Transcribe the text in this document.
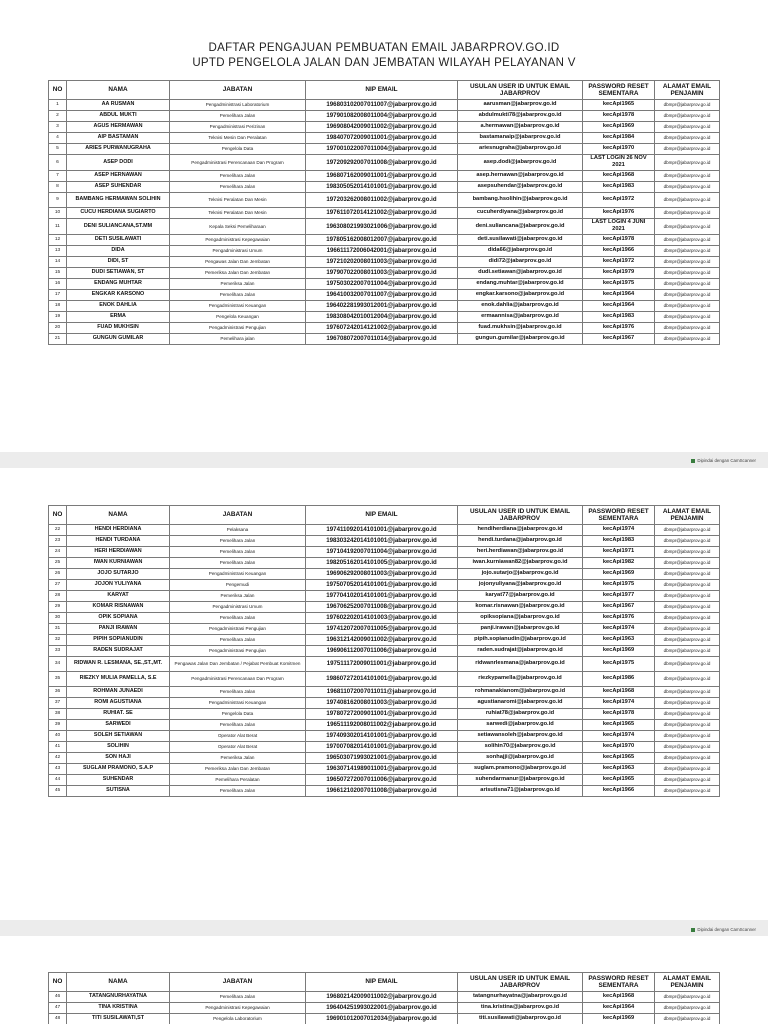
DAFTAR PENGAJUAN PEMBUATAN EMAIL JABARPROV.GO.ID
UPTD PENGELOLA JALAN DAN JEMBATAN WILAYAH PELAYANAN V
NO	NAMA	JABATAN	NIP EMAIL	USULAN USER ID UNTUK EMAIL JABARPROV	PASSWORD RESET SEMENTARA	ALAMAT EMAIL PENJAMIN
1	AA RUSMAN	Pengadministrasi Laboratorium	196803102007011007@jabarprov.go.id	aarusman@jabarprov.go.id	kecApi1965	dbmpr@jabarprov.go.id
2	ABDUL MUKTI	Pemelihara Jalan	197901082008011004@jabarprov.go.id	abdulmukti78@jabarprov.go.id	kecApi1978	dbmpr@jabarprov.go.id
3	AGUS HERMAWAN	Pengadministrasi Perizinan	196908042009011002@jabarprov.go.id	a.hermawan@jabarprov.go.id	kecApi1969	dbmpr@jabarprov.go.id
4	AIP BASTAMAN	Teknisi Mesin Dan Peralatan	198407072009011001@jabarprov.go.id	bastamanaip@jabarprov.go.id	kecApi1984	dbmpr@jabarprov.go.id
5	ARIES PURWANUGRAHA	Pengelola Data	197001022007011004@jabarprov.go.id	ariesnugraha@jabarprov.go.id	kecApi1970	dbmpr@jabarprov.go.id
6	ASEP DODI	Pengadministrasi Perencanaan Dan Program	197209292007011008@jabarprov.go.id	asep.dodi@jabarprov.go.id	LAST LOGIN 26 NOV 2021	dbmpr@jabarprov.go.id
7	ASEP HERNAWAN	Pemelihara Jalan	196807162009011001@jabarprov.go.id	asep.hernawan@jabarprov.go.id	kecApi1968	dbmpr@jabarprov.go.id
8	ASEP SUHENDAR	Pemelihara Jalan	198305052014101001@jabarprov.go.id	asepsuhendar@jabarprov.go.id	kecApi1983	dbmpr@jabarprov.go.id
9	BAMBANG HERMAWAN SOLIHIN	Teknisi Peralatan Dan Mesin	197203262008011002@jabarprov.go.id	bambang.hsolihin@jabarprov.go.id	kecApi1972	dbmpr@jabarprov.go.id
10	CUCU HERDIANA SUGIARTO	Teknisi Peralatan Dan Mesin	197611072014121002@jabarprov.go.id	cucuherdiyana@jabarprov.go.id	kecApi1976	dbmpr@jabarprov.go.id
11	DENI SULIANCANA,ST.MM	Kepala Seksi Pemeliharaan	196308021993021006@jabarprov.go.id	deni.suliancana@jabarprov.go.id	LAST LOGIN 4 JUNI 2021	dbmpr@jabarprov.go.id
12	DETI SUSILAWATI	Pengadministrasi Kepegawaian	197805162008012007@jabarprov.go.id	deti.susilawati@jabarprov.go.id	kecApi1978	dbmpr@jabarprov.go.id
13	DIDA	Pengadministrasi Umum	196611172006042001@jabarprov.go.id	dida66@jabarprov.go.id	kecApi1966	dbmpr@jabarprov.go.id
14	DIDI, ST	Pengawas Jalan Dan Jembatan	197210202008011003@jabarprov.go.id	didi72@jabarprov.go.id	kecApi1972	dbmpr@jabarprov.go.id
15	DUDI SETIAWAN, ST	Pemeriksa Jalan Dan Jembatan	197907022008011003@jabarprov.go.id	dudi.setiawan@jabarprov.go.id	kecApi1979	dbmpr@jabarprov.go.id
16	ENDANG MUHTAR	Pemeriksa Jalan	197503022007011004@jabarprov.go.id	endang.muhtar@jabarprov.go.id	kecApi1975	dbmpr@jabarprov.go.id
17	ENGKAR KARSONO	Pemelihara Jalan	196410032007011007@jabarprov.go.id	engkar.karsono@jabarprov.go.id	kecApi1964	dbmpr@jabarprov.go.id
18	ENOK DAHLIA	Pengadministrasi Keuangan	196402281993012001@jabarprov.go.id	enok.dahlia@jabarprov.go.id	kecApi1964	dbmpr@jabarprov.go.id
19	ERMA	Pengelola Keuangan	198308042010012004@jabarprov.go.id	ermaannisa@jabarprov.go.id	kecApi1983	dbmpr@jabarprov.go.id
20	FUAD MUKHSIN	Pengadministrasi Pengujian	197607242014121002@jabarprov.go.id	fuad.mukhsin@jabarprov.go.id	kecApi1976	dbmpr@jabarprov.go.id
21	GUNGUN GUMILAR	Pemelihara jalan	196708072007011014@jabarprov.go.id	gungun.gumilar@jabarprov.go.id	kecApi1967	dbmpr@jabarprov.go.id
Dipindai dengan CamScanner
NO	NAMA	JABATAN	NIP EMAIL	USULAN USER ID UNTUK EMAIL JABARPROV	PASSWORD RESET SEMENTARA	ALAMAT EMAIL PENJAMIN
22	HENDI HERDIANA	Pelaksana	197411092014101001@jabarprov.go.id	hendiherdiana@jabarprov.go.id	kecApi1974	dbmpr@jabarprov.go.id
23	HENDI TURDANA	Pemelihara Jalan	198303242014101001@jabarprov.go.id	hendi.turdana@jabarprov.go.id	kecApi1983	dbmpr@jabarprov.go.id
24	HERI HERDIAWAN	Pemelihara Jalan	197104192007011004@jabarprov.go.id	heri.herdiawan@jabarprov.go.id	kecApi1971	dbmpr@jabarprov.go.id
25	IWAN KURNIAWAN	Pemelihara Jalan	198205162014101005@jabarprov.go.id	iwan.kurniawan82@jabarprov.go.id	kecApi1982	dbmpr@jabarprov.go.id
26	JOJO SUTARJO	Pengadministrasi Keuangan	196906292008011003@jabarprov.go.id	jojo.sutarjo@jabarprov.go.id	kecApi1969	dbmpr@jabarprov.go.id
27	JOJON YULIYANA	Pengemudi	197507052014101001@jabarprov.go.id	jojonyuliyana@jabarprov.go.id	kecApi1975	dbmpr@jabarprov.go.id
28	KARYAT	Pemeriksa Jalan	197704102014101001@jabarprov.go.id	karyat77@jabarprov.go.id	kecApi1977	dbmpr@jabarprov.go.id
29	KOMAR RISNAWAN	Pengadministrasi Umum	196706252007011008@jabarprov.go.id	komar.risnawan@jabarprov.go.id	kecApi1967	dbmpr@jabarprov.go.id
30	OPIK SOPIANA	Pemelihara Jalan	197602202014101003@jabarprov.go.id	opiksopiana@jabarprov.go.id	kecApi1976	dbmpr@jabarprov.go.id
31	PANJI IRAWAN	Pengadministrasi Pengujian	197412072007011005@jabarprov.go.id	panji.irawan@jabarprov.go.id	kecApi1974	dbmpr@jabarprov.go.id
32	PIPIH SOPIANUDIN	Pemelihara Jalan	196312142009011002@jabarprov.go.id	pipih.sopianudin@jabarprov.go.id	kecApi1963	dbmpr@jabarprov.go.id
33	RADEN SUDRAJAT	Pengadministrasi Pengujian	196906112007011006@jabarprov.go.id	raden.sudrajat@jabarprov.go.id	kecApi1969	dbmpr@jabarprov.go.id
34	RIDWAN R. LESMANA, SE.,ST.,MT.	Pengawas Jalan Dan Jembatan / Pejabat Pembuat Komitmen	197511172009011001@jabarprov.go.id	ridwanrlesmana@jabarprov.go.id	kecApi1975	dbmpr@jabarprov.go.id
35	RIEZKY MULIA PAMELLA, S.E	Pengadministrasi Perencanaan Dan Program	198607272014101001@jabarprov.go.id	riezkypamella@jabarprov.go.id	kecApi1986	dbmpr@jabarprov.go.id
36	ROHMAN JUNAEDI	Pemelihara Jalan	196811072007011011@jabarprov.go.id	rohmanakianom@jabarprov.go.id	kecApi1968	dbmpr@jabarprov.go.id
37	ROMI AGUSTIANA	Pengadministrasi Keuangan	197408162008011003@jabarprov.go.id	agustianaromi@jabarprov.go.id	kecApi1974	dbmpr@jabarprov.go.id
38	RUHIAT. SE	Pengelola Data	197807272009011001@jabarprov.go.id	ruhiat78@jabarprov.go.id	kecApi1978	dbmpr@jabarprov.go.id
39	SARWEDI	Pemelihara Jalan	196511192008011002@jabarprov.go.id	sarwedi@jabarprov.go.id	kecApi1965	dbmpr@jabarprov.go.id
40	SOLEH SETIAWAN	Operator Alat Berat	197409302014101001@jabarprov.go.id	setiawansoleh@jabarprov.go.id	kecApi1974	dbmpr@jabarprov.go.id
41	SOLIHIN	Operator Alat Berat	197007082014101001@jabarprov.go.id	solihin70@jabarprov.go.id	kecApi1970	dbmpr@jabarprov.go.id
42	SON HAJI	Pemeriksa Jalan	196503071993021001@jabarprov.go.id	sonhajji@jabarprov.go.id	kecApi1965	dbmpr@jabarprov.go.id
43	SUGLAM PRAMONO, S.A.P	Pemeriksa Jalan Dan Jembatan	196307141989011001@jabarprov.go.id	suglam.pramono@jabarprov.go.id	kecApi1963	dbmpr@jabarprov.go.id
44	SUHENDAR	Pemelihara Peralatan	196507272007011006@jabarprov.go.id	suhendarmanur@jabarprov.go.id	kecApi1965	dbmpr@jabarprov.go.id
45	SUTISNA	Pemelihara Jalan	196612102007011008@jabarprov.go.id	arisutisna71@jabarprov.go.id	kecApi1966	dbmpr@jabarprov.go.id
Dipindai dengan CamScanner
NO	NAMA	JABATAN	NIP EMAIL	USULAN USER ID UNTUK EMAIL JABARPROV	PASSWORD RESET SEMENTARA	ALAMAT EMAIL PENJAMIN
46	TATANGNURHAYATNA	Pemelihara Jalan	196802142009011002@jabarprov.go.id	tatangnurhayatna@jabarprov.go.id	kecApi1968	dbmpr@jabarprov.go.id
47	TINA KRISTINA	Pengadministrasi Kepegawaian	196404251993022001@jabarprov.go.id	tina.kristina@jabarprov.go.id	kecApi1964	dbmpr@jabarprov.go.id
48	TITI SUSILAWATI,ST	Pengelola Laboratorium	196901012007012034@jabarprov.go.id	titi.susilawati@jabarprov.go.id	kecApi1969	dbmpr@jabarprov.go.id
